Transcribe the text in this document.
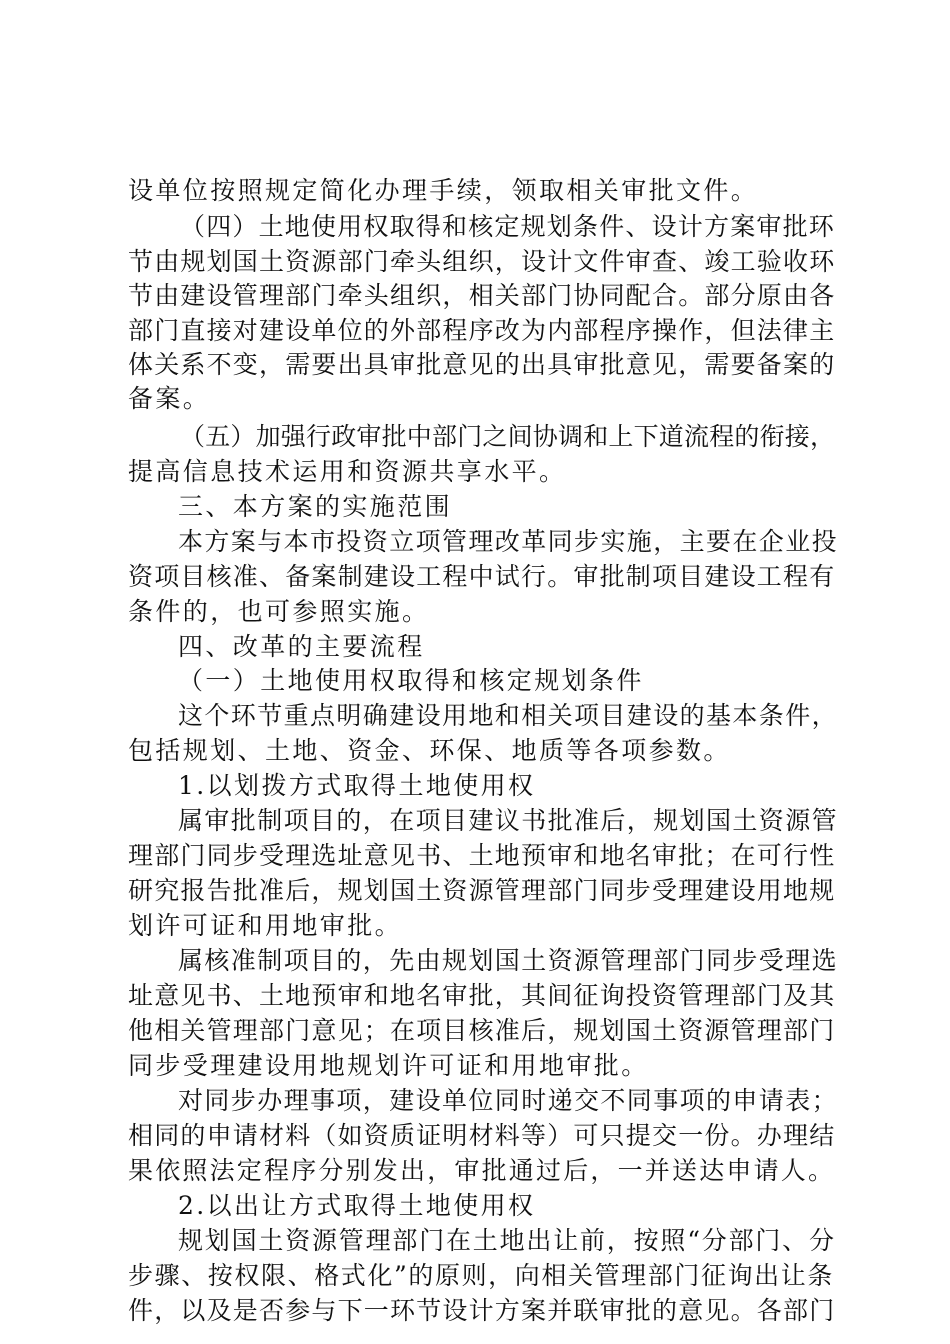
设单位按照规定简化办理手续，领取相关审批文件。

（四）土地使用权取得和核定规划条件、设计方案审批环

节由规划国土资源部门牵头组织，设计文件审查、竣工验收环

节由建设管理部门牵头组织，相关部门协同配合。部分原由各

部门直接对建设单位的外部程序改为内部程序操作，但法律主

体关系不变，需要出具审批意见的出具审批意见，需要备案的

备案。

（五）加强行政审批中部门之间协调和上下道流程的衔接，

提高信息技术运用和资源共享水平。

三、本方案的实施范围

本方案与本市投资立项管理改革同步实施，主要在企业投

资项目核准、备案制建设工程中试行。审批制项目建设工程有

条件的，也可参照实施。

四、改革的主要流程

（一）土地使用权取得和核定规划条件

这个环节重点明确建设用地和相关项目建设的基本条件，

包括规划、土地、资金、环保、地质等各项参数。

1.以划拨方式取得土地使用权

属审批制项目的，在项目建议书批准后，规划国土资源管

理部门同步受理选址意见书、土地预审和地名审批；在可行性

研究报告批准后，规划国土资源管理部门同步受理建设用地规

划许可证和用地审批。

属核准制项目的，先由规划国土资源管理部门同步受理选

址意见书、土地预审和地名审批，其间征询投资管理部门及其

他相关管理部门意见；在项目核准后，规划国土资源管理部门

同步受理建设用地规划许可证和用地审批。

对同步办理事项，建设单位同时递交不同事项的申请表；

相同的申请材料（如资质证明材料等）可只提交一份。办理结

果依照法定程序分别发出，审批通过后，一并送达申请人。

2.以出让方式取得土地使用权

规划国土资源管理部门在土地出让前，按照“分部门、分

步骤、按权限、格式化”的原则，向相关管理部门征询出让条

件，以及是否参与下一环节设计方案并联审批的意见。各部门
